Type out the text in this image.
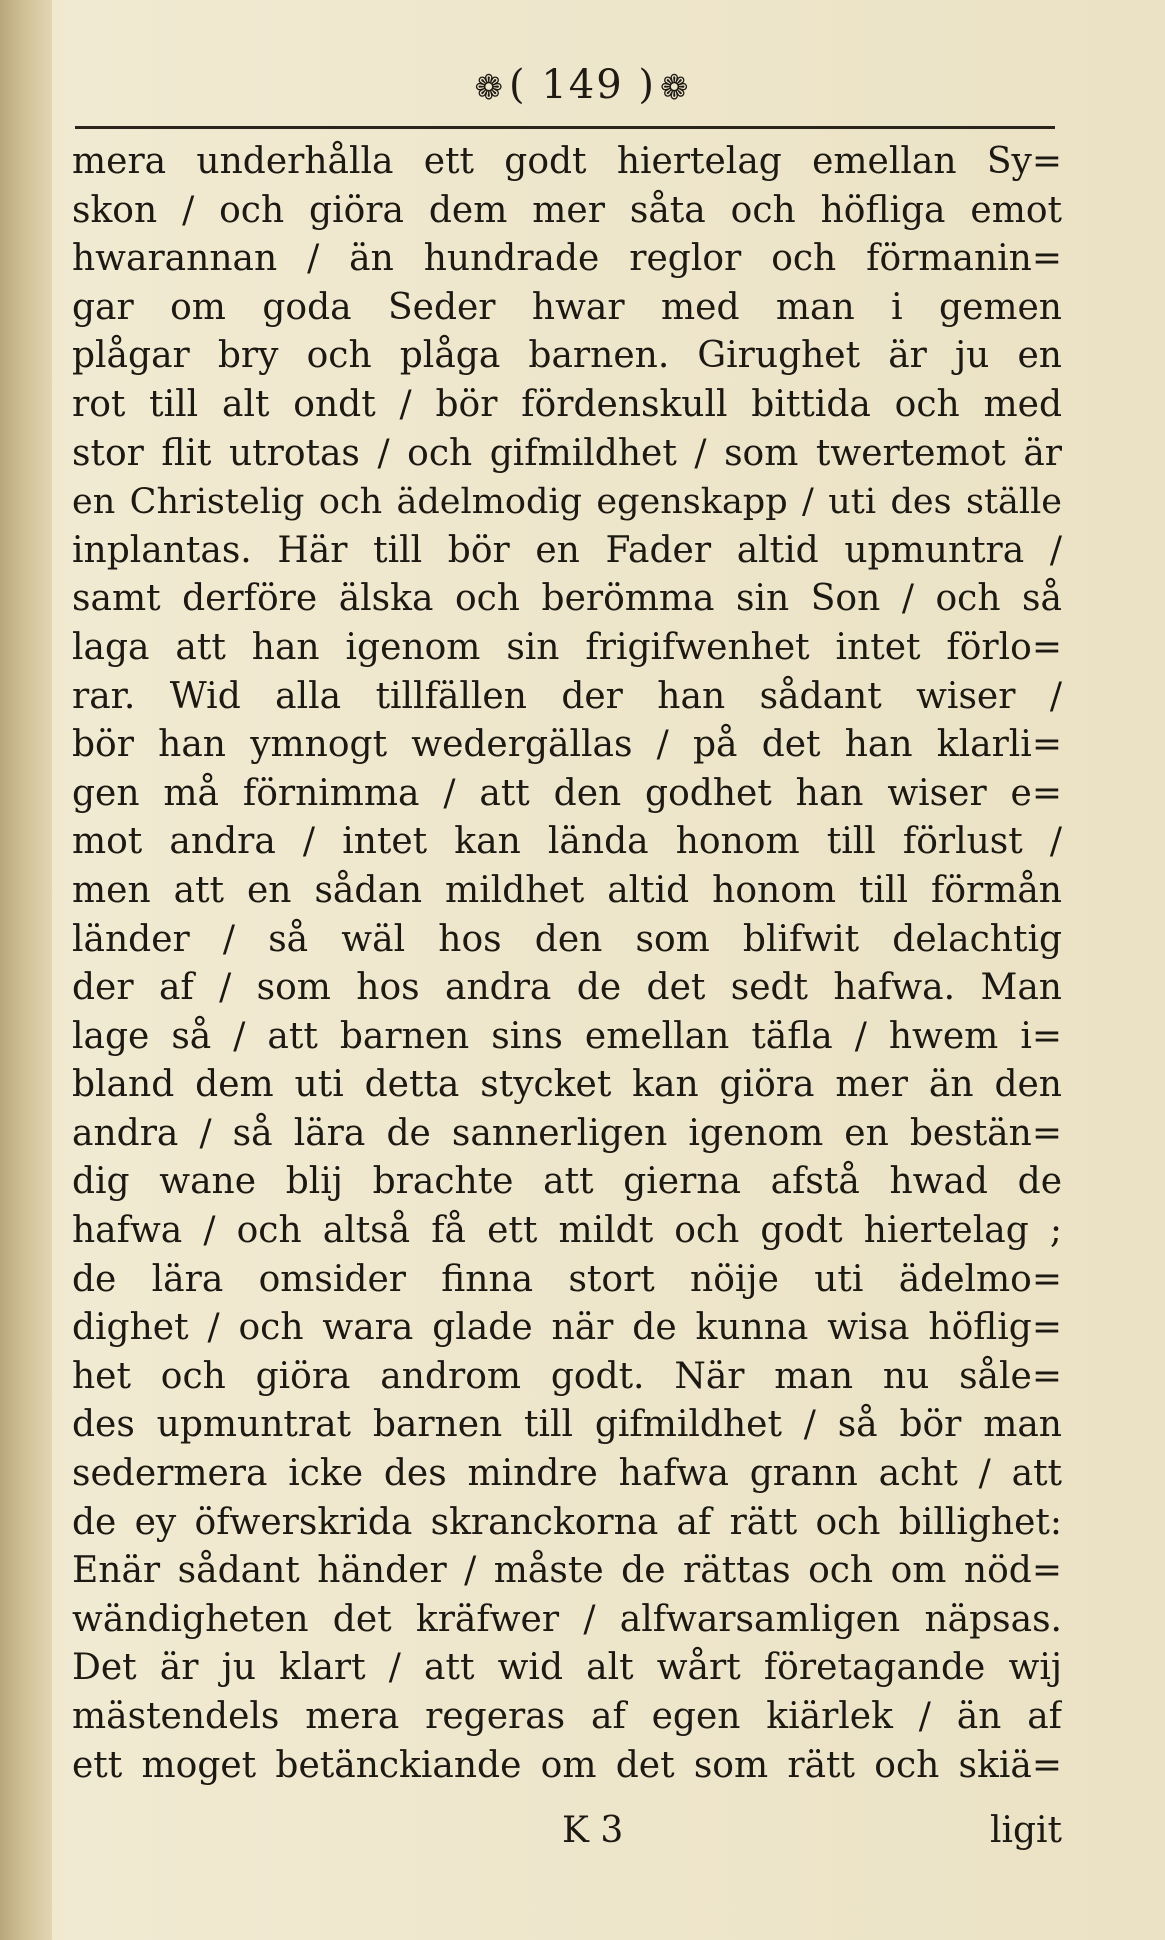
❁ ( 149 ) ❁
mera underhålla ett godt hiertelag emellan Sy=
skon / och giöra dem mer såta och höfliga emot
hwarannan / än hundrade reglor och förmanin=
gar om goda Seder hwar med man i gemen
plågar bry och plåga barnen. Girughet är ju en
rot till alt ondt / bör fördenskull bittida och med
stor flit utrotas / och gifmildhet / som twertemot är
en Christelig och ädelmodig egenskapp / uti des ställe
inplantas. Här till bör en Fader altid upmuntra /
samt derföre älska och berömma sin Son / och så
laga att han igenom sin frigifwenhet intet förlo=
rar. Wid alla tillfällen der han sådant wiser /
bör han ymnogt wedergällas / på det han klarli=
gen må förnimma / att den godhet han wiser e=
mot andra / intet kan lända honom till förlust /
men att en sådan mildhet altid honom till förmån
länder / så wäl hos den som blifwit delachtig
der af / som hos andra de det sedt hafwa. Man
lage så / att barnen sins emellan täfla / hwem i=
bland dem uti detta stycket kan giöra mer än den
andra / så lära de sannerligen igenom en bestän=
dig wane blij brachte att gierna afstå hwad de
hafwa / och altså få ett mildt och godt hiertelag ;
de lära omsider finna stort nöije uti ädelmo=
dighet / och wara glade när de kunna wisa höflig=
het och giöra androm godt. När man nu såle=
des upmuntrat barnen till gifmildhet / så bör man
sedermera icke des mindre hafwa grann acht / att
de ey öfwerskrida skranckorna af rätt och billighet:
Enär sådant händer / måste de rättas och om nöd=
wändigheten det kräfwer / alfwarsamligen näpsas.
Det är ju klart / att wid alt wårt företagande wij
mästendels mera regeras af egen kiärlek / än af
ett moget betänckiande om det som rätt och skiä=
K 3	ligit
